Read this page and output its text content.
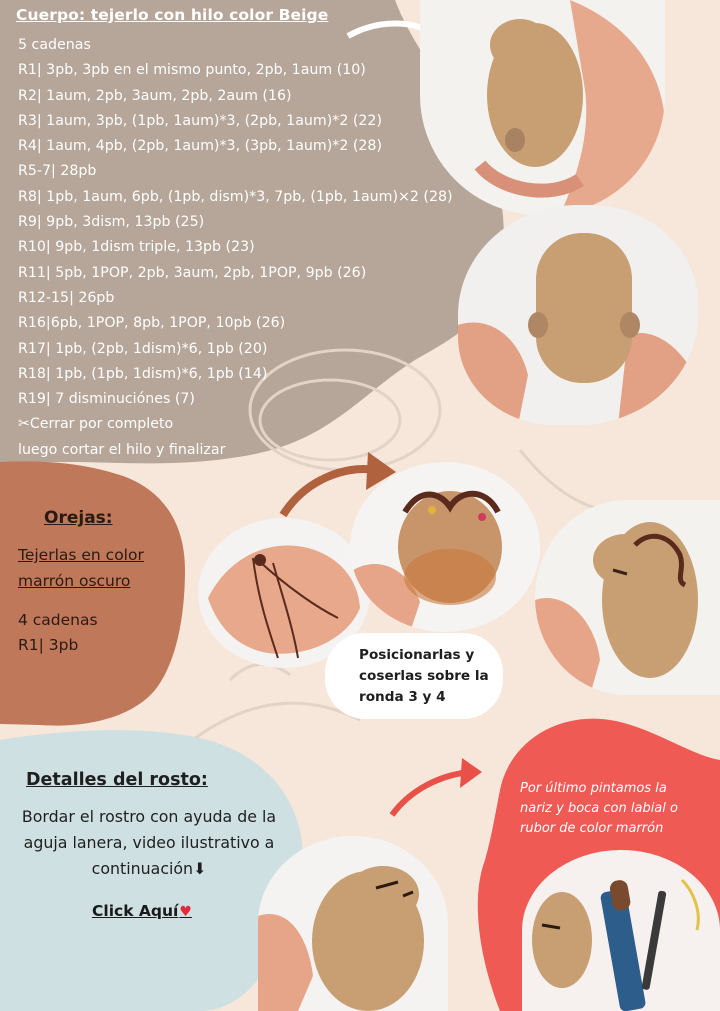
Cuerpo: tejerlo con hilo color Beige
5 cadenas
R1| 3pb, 3pb en el mismo punto, 2pb, 1aum (10)
R2| 1aum, 2pb, 3aum, 2pb, 2aum (16)
R3| 1aum, 3pb, (1pb, 1aum)*3, (2pb, 1aum)*2 (22)
R4| 1aum, 4pb, (2pb, 1aum)*3, (3pb, 1aum)*2 (28)
R5-7| 28pb
R8| 1pb, 1aum, 6pb, (1pb, dism)*3, 7pb, (1pb, 1aum)×2 (28)
R9| 9pb, 3dism, 13pb (25)
R10| 9pb, 1dism triple, 13pb (23)
R11| 5pb, 1POP, 2pb, 3aum, 2pb, 1POP, 9pb (26)
R12-15| 26pb
R16|6pb, 1POP, 8pb, 1POP, 10pb (26)
R17| 1pb, (2pb, 1dism)*6, 1pb (20)
R18| 1pb, (1pb, 1dism)*6, 1pb (14)
R19| 7 disminuciónes (7)
✂Cerrar por completo
luego cortar el hilo y finalizar
Orejas:
Tejerlas en color marrón oscuro
4 cadenas
R1| 3pb
Posicionarlas y coserlas sobre la ronda 3 y 4
Detalles del rosto:
Bordar el rostro con ayuda de la aguja lanera, video ilustrativo a continuación⬇
Click Aquí♥
Por último pintamos la nariz y boca con labial o rubor de color marrón
